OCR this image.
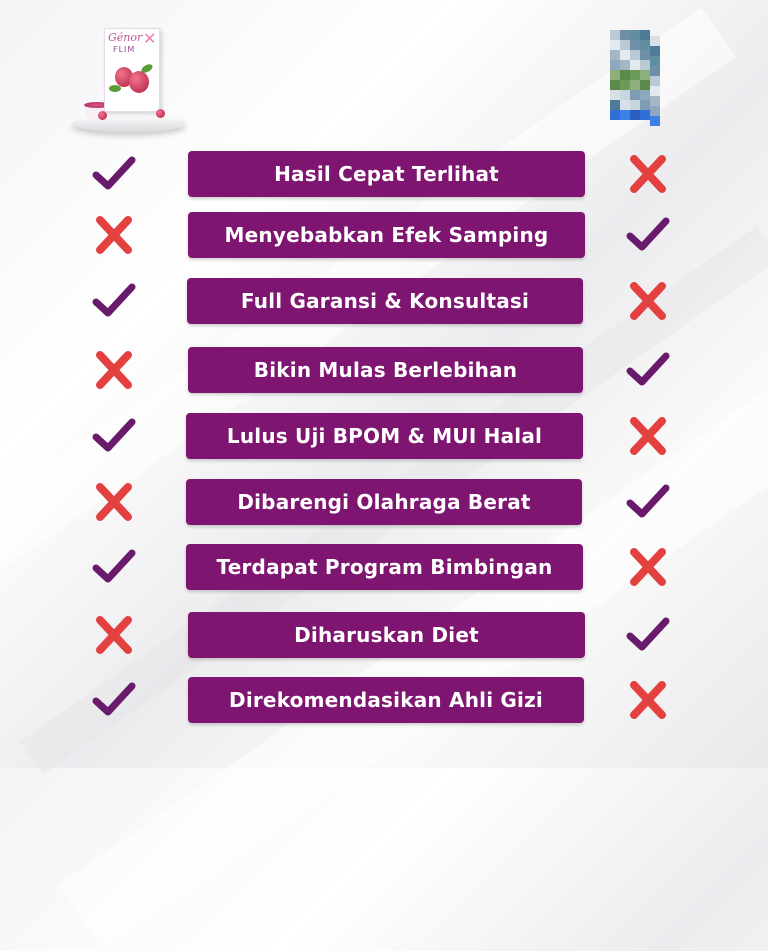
Génor ✕
FLIM
Hasil Cepat Terlihat
Menyebabkan Efek Samping
Full Garansi & Konsultasi
Bikin Mulas Berlebihan
Lulus Uji BPOM & MUI Halal
Dibarengi Olahraga Berat
Terdapat Program Bimbingan
Diharuskan Diet
Direkomendasikan Ahli Gizi
